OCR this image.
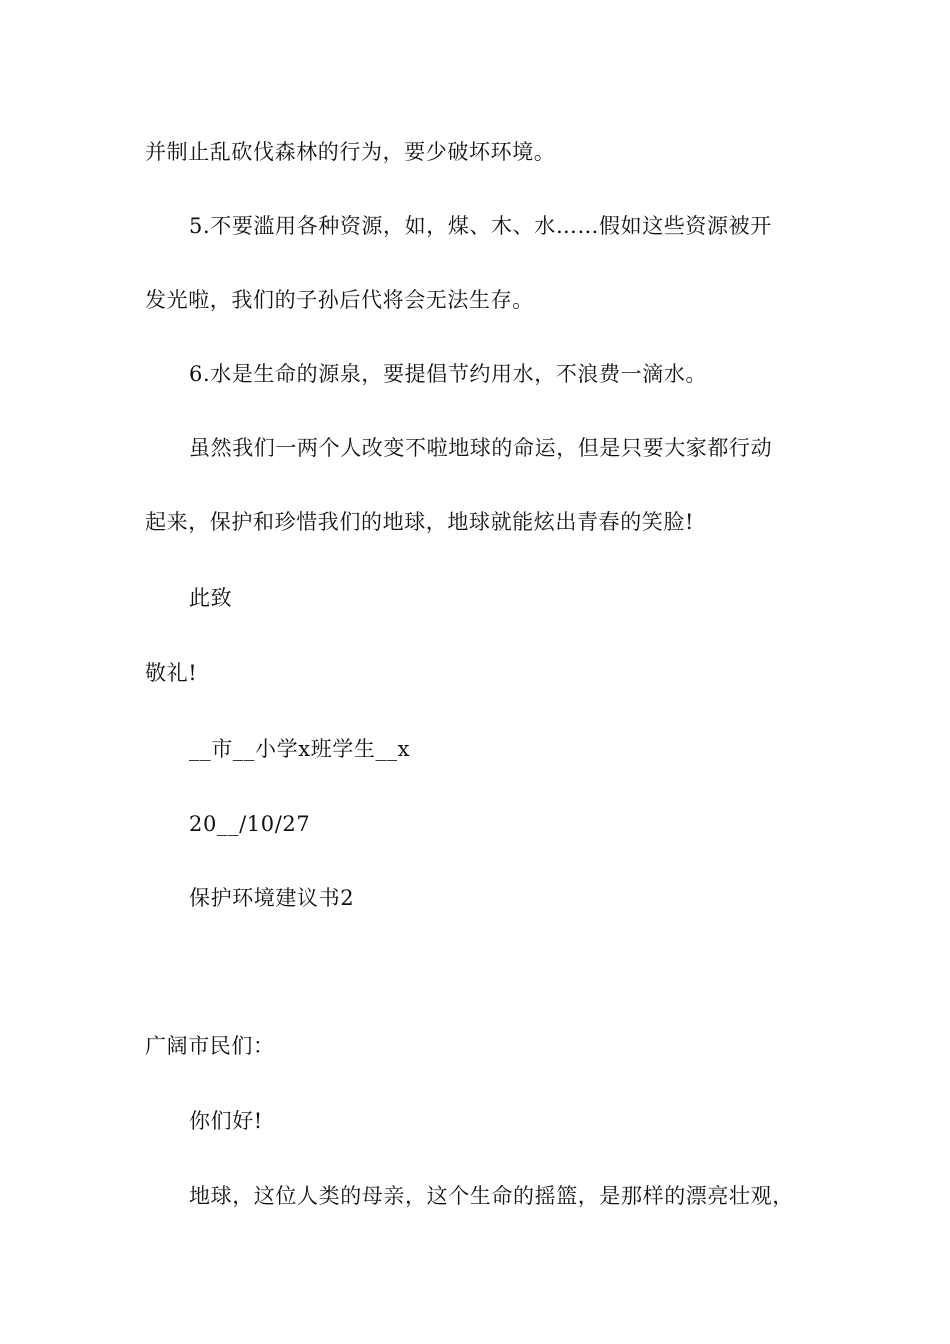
并制止乱砍伐森林的行为，要少破坏环境。
5.不要滥用各种资源，如，煤、木、水……假如这些资源被开
发光啦，我们的子孙后代将会无法生存。
6.水是生命的源泉，要提倡节约用水，不浪费一滴水。
虽然我们一两个人改变不啦地球的命运，但是只要大家都行动
起来，保护和珍惜我们的地球，地球就能炫出青春的笑脸!
此致
敬礼!
__市__小学x班学生__x
20__/10/27
保护环境建议书2
广阔市民们：
你们好!
地球，这位人类的母亲，这个生命的摇篮，是那样的漂亮壮观，
